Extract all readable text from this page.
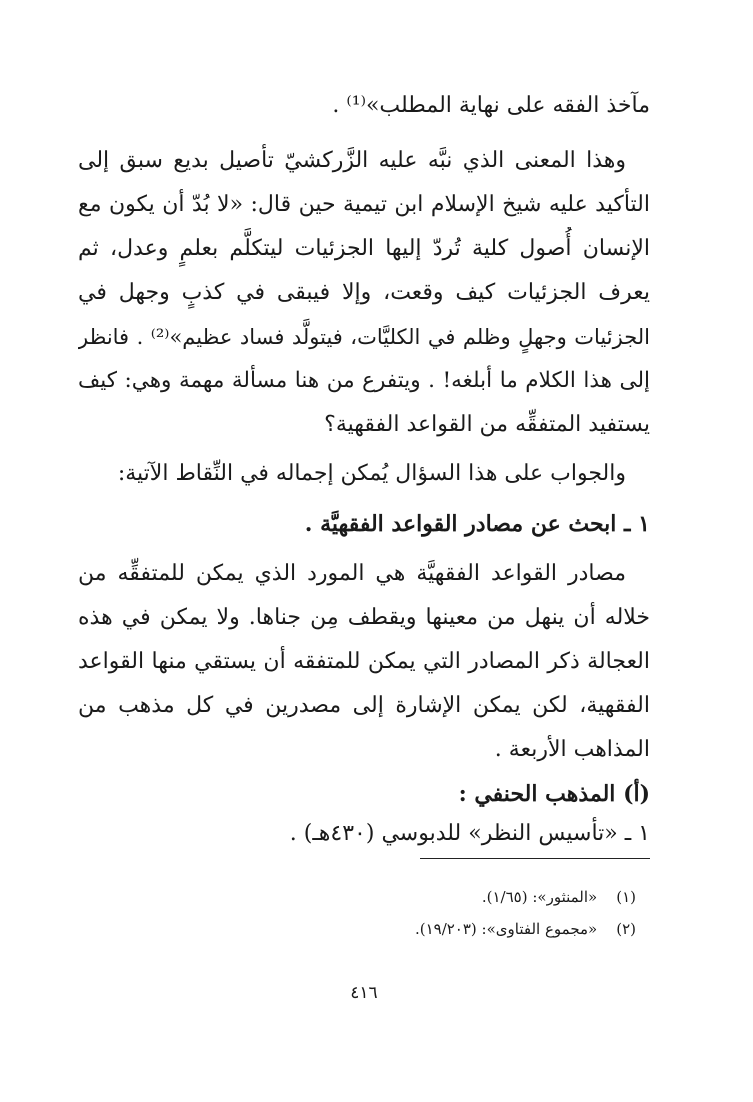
مآخذ الفقه على نهاية المطلب»⁽¹⁾ .
وهذا المعنى الذي نبَّه عليه الزَّركشيّ تأصيل بديع سبق إلى
التأكيد عليه شيخ الإسلام ابن تيمية حين قال: «لا بُدّ أن يكون مع
الإنسان أُصول كلية تُردّ إليها الجزئيات ليتكلَّم بعلمٍ وعدل، ثم
يعرف الجزئيات كيف وقعت، وإلا فيبقى في كذبٍ وجهل في
الجزئيات وجهلٍ وظلم في الكليَّات، فيتولَّد فساد عظيم»⁽²⁾ . فانظر
إلى هذا الكلام ما أبلغه! . ويتفرع من هنا مسألة مهمة وهي: كيف
يستفيد المتفقِّه من القواعد الفقهية؟
والجواب على هذا السؤال يُمكن إجماله في النِّقاط الآتية:
١ ـ ابحث عن مصادر القواعد الفقهيَّة .
مصادر القواعد الفقهيَّة هي المورد الذي يمكن للمتفقِّه من
خلاله أن ينهل من معينها ويقطف مِن جناها. ولا يمكن في هذه
العجالة ذكر المصادر التي يمكن للمتفقه أن يستقي منها القواعد
الفقهية، لكن يمكن الإشارة إلى مصدرين في كل مذهب من
المذاهب الأربعة .
(أ) المذهب الحنفي :
١ ـ «تأسيس النظر» للدبوسي (٤٣٠هـ) .
(١) «المنثور»: (١/٦٥).
(٢) «مجموع الفتاوى»: (١٩/٢٠٣).
٤١٦
